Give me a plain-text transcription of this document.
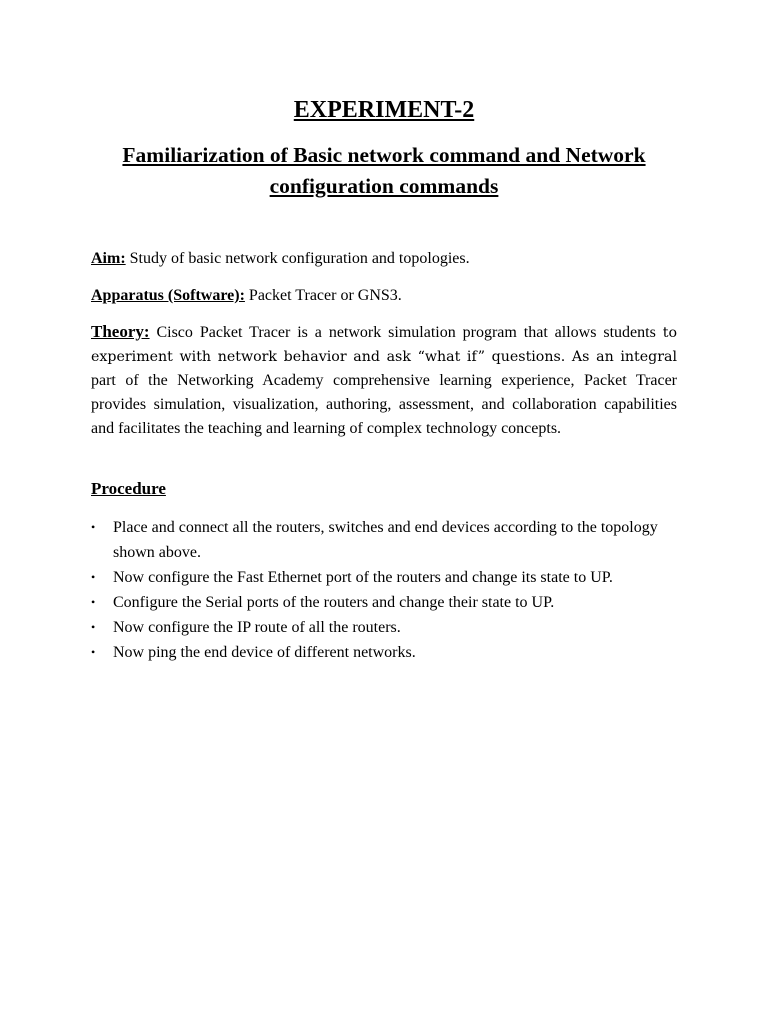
EXPERIMENT-2
Familiarization of Basic network command and Network configuration commands

Aim: Study of basic network configuration and topologies.

Apparatus (Software): Packet Tracer or GNS3.

Theory: Cisco Packet Tracer is a network simulation program that allows students to experiment with network behavior and ask “what if” questions. As an integral part of the Networking Academy comprehensive learning experience, Packet Tracer provides simulation, visualization, authoring, assessment, and collaboration capabilities and facilitates the teaching and learning of complex technology concepts.

Procedure
• Place and connect all the routers, switches and end devices according to the topology shown above.
• Now configure the Fast Ethernet port of the routers and change its state to UP.
• Configure the Serial ports of the routers and change their state to UP.
• Now configure the IP route of all the routers.
• Now ping the end device of different networks.
